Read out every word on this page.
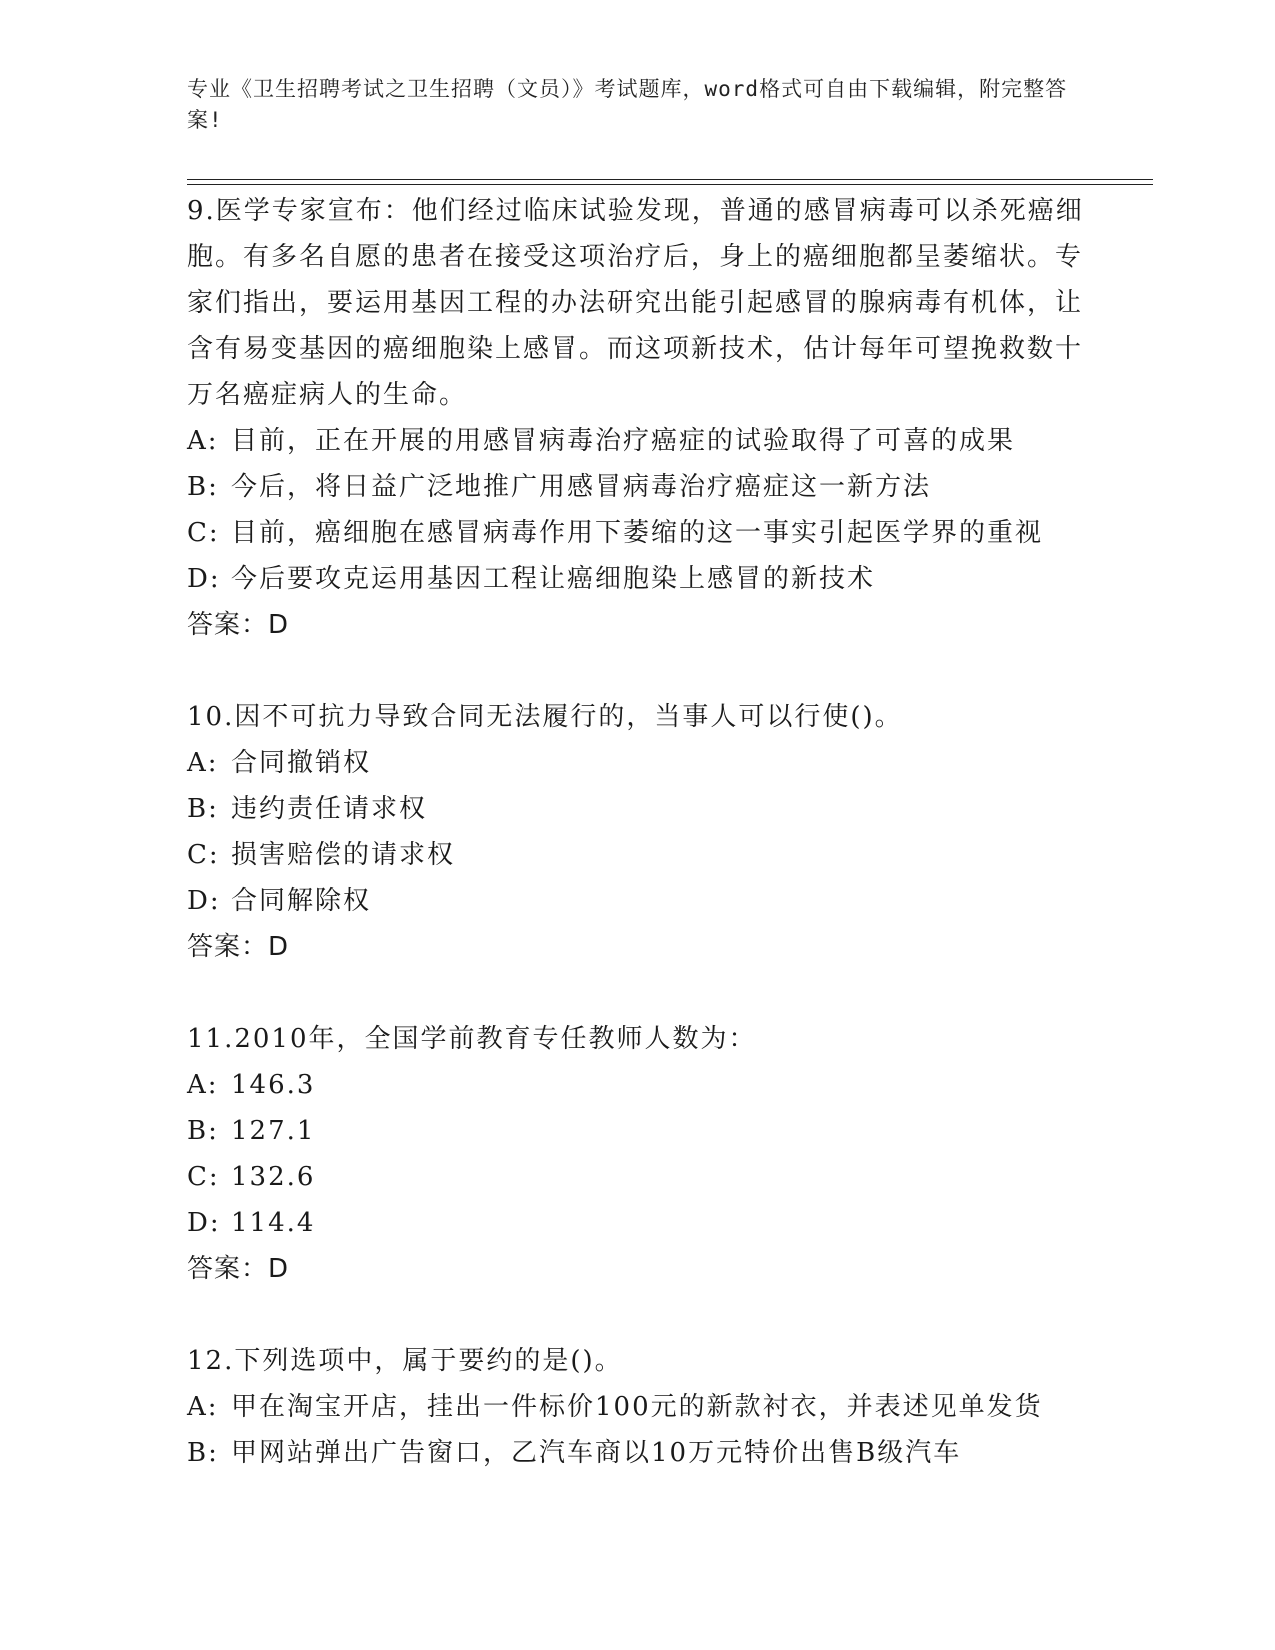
专业《卫生招聘考试之卫生招聘（文员）》考试题库，word格式可自由下载编辑，附完整答案!

9.医学专家宣布：他们经过临床试验发现，普通的感冒病毒可以杀死癌细胞。有多名自愿的患者在接受这项治疗后，身上的癌细胞都呈萎缩状。专家们指出，要运用基因工程的办法研究出能引起感冒的腺病毒有机体，让含有易变基因的癌细胞染上感冒。而这项新技术，估计每年可望挽救数十万名癌症病人的生命。

A: 目前，正在开展的用感冒病毒治疗癌症的试验取得了可喜的成果

B: 今后，将日益广泛地推广用感冒病毒治疗癌症这一新方法

C: 目前，癌细胞在感冒病毒作用下萎缩的这一事实引起医学界的重视

D: 今后要攻克运用基因工程让癌细胞染上感冒的新技术

答案：D

10.因不可抗力导致合同无法履行的，当事人可以行使()。

A: 合同撤销权

B: 违约责任请求权

C: 损害赔偿的请求权

D: 合同解除权

答案：D

11.2010年，全国学前教育专任教师人数为：

A: 146.3

B: 127.1

C: 132.6

D: 114.4

答案：D

12.下列选项中，属于要约的是()。

A: 甲在淘宝开店，挂出一件标价100元的新款衬衣，并表述见单发货

B: 甲网站弹出广告窗口，乙汽车商以10万元特价出售B级汽车
